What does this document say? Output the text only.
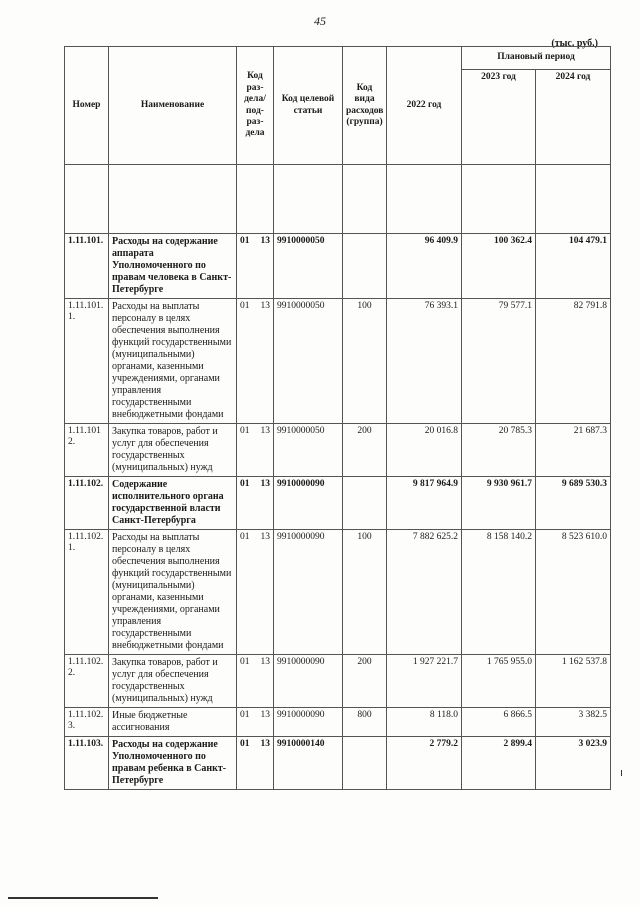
45
(тыс. руб.)
Номер	Наименование	Код раз-дела/ под-раз-дела	Код целевой статьи	Код вида расходов (группа)	2022 год	Плановый период	
						2023 год	2024 год

1.11.101.	Расходы на содержание аппарата Уполномоченного по правам человека в Санкт-Петербурге	01 13	9910000050		96 409.9	100 362.4	104 479.1
1.11.101. 1.	Расходы на выплаты персоналу в целях обеспечения выполнения функций государственными (муниципальными) органами, казенными учреждениями, органами управления государственными внебюджетными фондами	01 13	9910000050	100	76 393.1	79 577.1	82 791.8
1.11.101 2.	Закупка товаров, работ и услуг для обеспечения государственных (муниципальных) нужд	01 13	9910000050	200	20 016.8	20 785.3	21 687.3
1.11.102.	Содержание исполнительного органа государственной власти Санкт-Петербурга	01 13	9910000090		9 817 964.9	9 930 961.7	9 689 530.3
1.11.102. 1.	Расходы на выплаты персоналу в целях обеспечения выполнения функций государственными (муниципальными) органами, казенными учреждениями, органами управления государственными внебюджетными фондами	01 13	9910000090	100	7 882 625.2	8 158 140.2	8 523 610.0
1.11.102. 2.	Закупка товаров, работ и услуг для обеспечения государственных (муниципальных) нужд	01 13	9910000090	200	1 927 221.7	1 765 955.0	1 162 537.8
1.11.102. 3.	Иные бюджетные ассигнования	01 13	9910000090	800	8 118.0	6 866.5	3 382.5
1.11.103.	Расходы на содержание Уполномоченного по правам ребенка в Санкт-Петербурге	01 13	9910000140		2 779.2	2 899.4	3 023.9
